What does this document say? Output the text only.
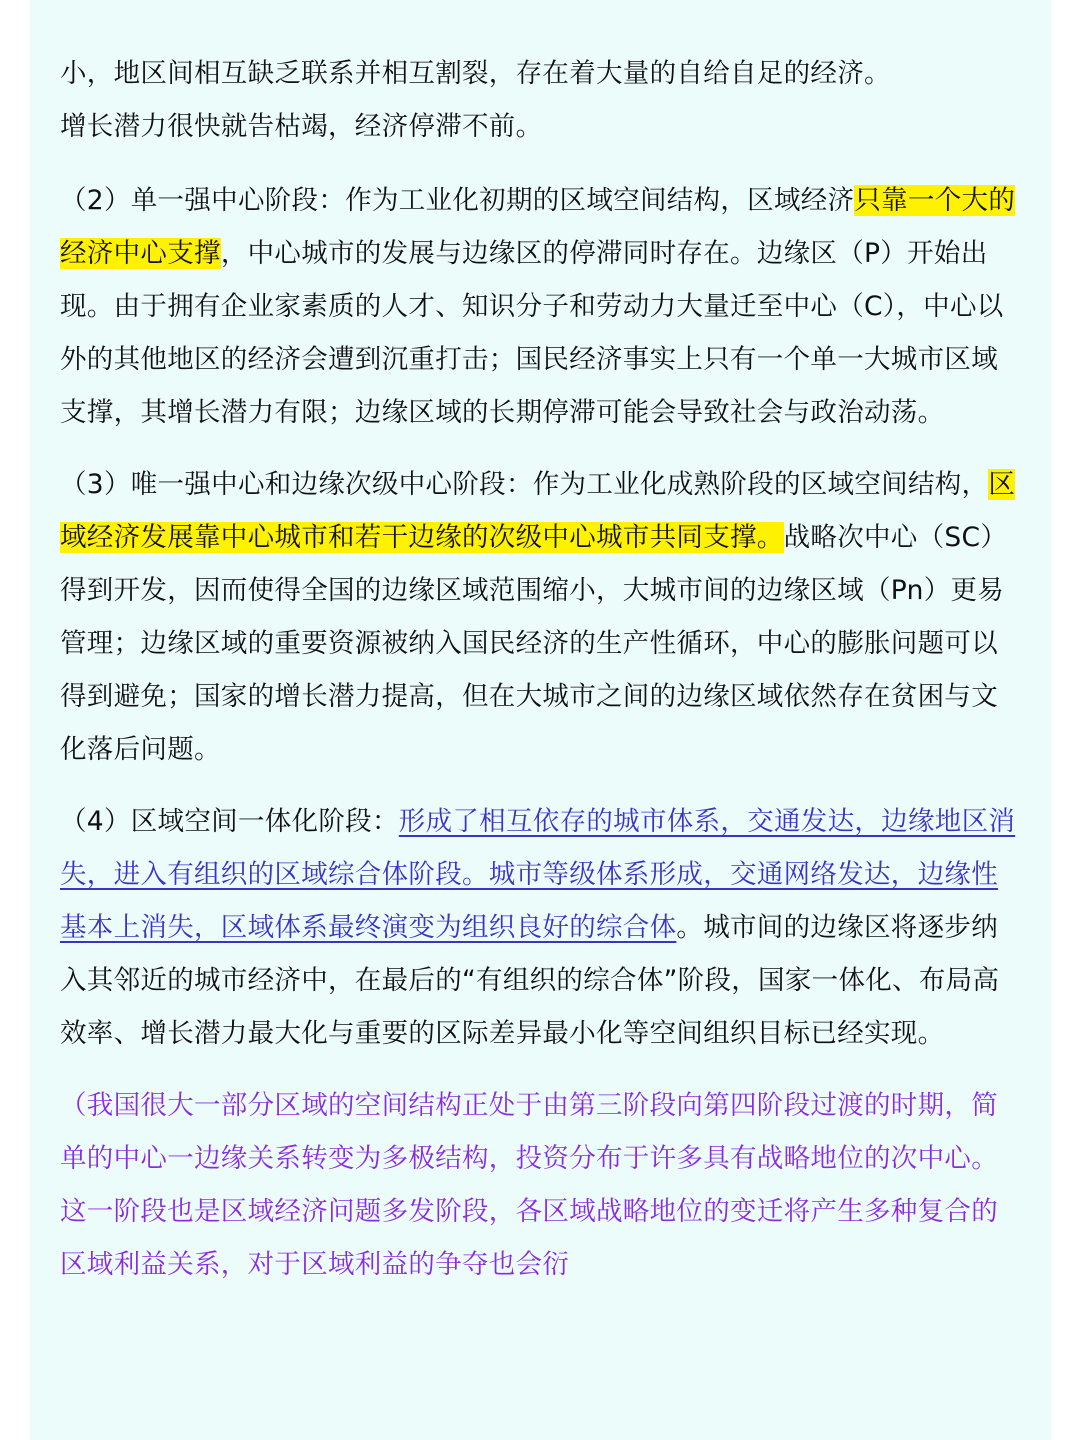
小，地区间相互缺乏联系并相互割裂，存在着大量的自给自足的经济。
增长潜力很快就告枯竭，经济停滞不前。

（2）单一强中心阶段：作为工业化初期的区域空间结构，区域经济只靠一个大的经济中心支撑，中心城市的发展与边缘区的停滞同时存在。边缘区（P）开始出现。由于拥有企业家素质的人才、知识分子和劳动力大量迁至中心（C），中心以外的其他地区的经济会遭到沉重打击；国民经济事实上只有一个单一大城市区域支撑，其增长潜力有限；边缘区域的长期停滞可能会导致社会与政治动荡。

（3）唯一强中心和边缘次级中心阶段：作为工业化成熟阶段的区域空间结构，区域经济发展靠中心城市和若干边缘的次级中心城市共同支撑。战略次中心（SC）得到开发，因而使得全国的边缘区域范围缩小，大城市间的边缘区域（Pn）更易管理；边缘区域的重要资源被纳入国民经济的生产性循环，中心的膨胀问题可以得到避免；国家的增长潜力提高，但在大城市之间的边缘区域依然存在贫困与文化落后问题。

（4）区域空间一体化阶段：形成了相互依存的城市体系，交通发达，边缘地区消失，进入有组织的区域综合体阶段。城市等级体系形成，交通网络发达，边缘性基本上消失，区域体系最终演变为组织良好的综合体。城市间的边缘区将逐步纳入其邻近的城市经济中，在最后的“有组织的综合体”阶段，国家一体化、布局高效率、增长潜力最大化与重要的区际差异最小化等空间组织目标已经实现。

（我国很大一部分区域的空间结构正处于由第三阶段向第四阶段过渡的时期，简单的中心一边缘关系转变为多极结构，投资分布于许多具有战略地位的次中心。这一阶段也是区域经济问题多发阶段，各区域战略地位的变迁将产生多种复合的区域利益关系，对于区域利益的争夺也会衍
